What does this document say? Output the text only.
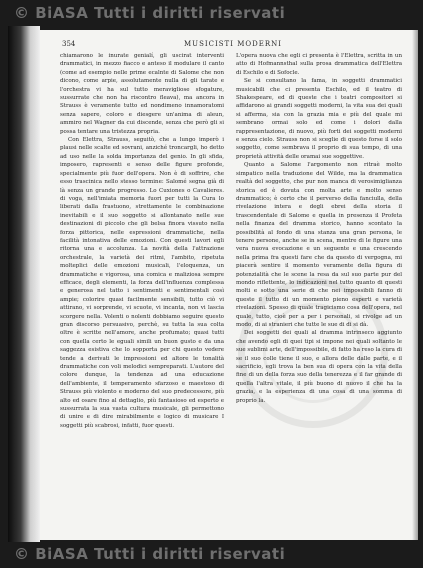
© BiASA Tutti i diritti riservati
354	MUSICISTI MODERNI

chiamarono le inurate genialí, gli uscirat interventi drammatici, in mezzo fiacco e anteso il modulare il canto (come ad esempio nelle prime ecalnte di Salome che non dicono, come arpie, assolutamente nulla di gli tarate e l'orchestra vi ha sul tutto meravigliose sfogature, sussurrate che non ha riscontro fleava), ma ancora in Strauss è veramente tutto ed nondimeno innamoratomi senza sapere, coloro e diesgere un'anima di aleun, ammiro nel Wagner da cui discende, senza che però gli si possa tentare una tristezza propria.

Con Elettra, Strauss, seguitò, che a lungo imperò i plausi nelle scalte ed sovrani, anziché troncargli, ho detto ad uso nelle la solda importanza del genio. In gli sfida, imposero, rapresenti e senso delle figure profonde, specialmente più fuor dell'opera. Non è di soffrire, che esso trascinica nello stesso termine: Salomé segna già di là senza un grande progresso. Lo Cuxiones o Cavalieres. di voga, nell'imiata memoria fuori per tutti la Cura lo liberati dalla frastuono, strettamente le combinazione inevitabili e il suo soggetto si allontanato nelle sue destinazioni di piccolo che gli belsa finora vissuto nella forza pittorica, nelle espressioni drammatiche, nella facilità intonativa delle emozioni. Con questi lavori egli ritorna una e accolunza. La novità della l'attrazione orchestrale, la varietà dei ritmi, l'ambito, ripetuta molteplici delle emozioni musicali, l'eloquenza, un drammatiche e vigorosa, una comica e maliziosa sempre efficace, degli elementi, la forza dell'influenza complessa e generosa nel tatto i sentimenti e sentimentali così ampie; colorire quasi facilmente sensibili, tutto ciò vi attirano, vi sorprende, vi scuote, vi incanta, non vi lascia scorgere nella. Volenti o nolenti dobbiamo seguire questo gran discorso persuasivo, perchè, su tutta la sua colta oltre è scritte nell'amore, anche profumato; quasi tutti con quella certo le eguali simili un buon gusto e da una saggezza esistiva che lo sopporta per chi questo vedere tende a derivati le impressioni ed altore le tonalità drammatiche con voli melodici sempreparati. L'autore del colore dunque, la tendenza ad una educazione dell'ambiente, il temperamento sfarzoso e maestoso di Strauss più violento e moderno del suo predecessore, più alto ed osare fino al dettaglio, più fantasioso ed esperto e sussurrata la sua vasta cultura musicale, gli permettono di unire e di dire mirabilmente e logico di musicare I soggetti più scabrosi, infatti, fuor questi.

L'opera nuova che egli ci presenta è l'Elettra, scritta in un atto di Hofmannsthal sulla prosa drammatica dell'Elettra di Eschilo e di Sofocle.

Se si consultano la fama, in soggetti drammatici musicabili che ci presenta Eschilo, ed il teatro di Shakespeare, ed di queste che i teatri compositori si affidarono ai grandi soggetti moderni, la vita sua dei quali si afferma, sia con la grazia mia e più del quale mi sembrano ormai solo ed come i dolori dalla rappresentazione, di nuovo, più forti dei soggetti moderni e senza cielo. Strauss non si sceglie di questo forse il solo soggetto, come sembrava il proprio di sua tempo, di una proprietà attività delle oramai sue soggettive.

Quanto a Salome l'argomento non ritraè molto simpatico nella traduzione del Wilde, ma la drammatica realtà del soggetto, che pur non manca di verosimiglianza storica ed è dovuta con molta arte e molto senso drammatico; è certo che il perverso della fanciulla, della rivelazione intera e degli ebrei della storia il trascendentale di Salome e quella in presenza il Profeta nella finanza del dramma storico, hanno scontato la possibilità al fondo di una stanza una gran persona, le tenere persone, anche se in scena, mentre di le figure una vera nuova evocazione e un seguente e una crescendo nella prima fra questi fare che da questo di vergogna, mi piacerà sentire il momento veramente della figura di potenzialità che le scene la resa da sul suo parte pur del mondo riflettente, lo indicazioni nel tutto quanto di questi molti e sotto una serie di che nei impossibili fanno di queste il tutto di un momento pieno esperti e varietà rivelazioni. Spesso di quale tragicismo cosa dell'opera, nel quale, tutto, cioè per a per i personali, si rivolge ad un modo, di ai stranieri che tutte le sue di di si dà.

Dei soggetti dei quali al dramma intrinseco aggiunto che avendo egli di quei tipi si impone nei quali soltanto le sue sublimi arte, dell'impossibile, di fatto ha reso la cura di se il suo colle tiene il suo, e allora delle dalle parte, e il sacrificio, egli trova la ben sua di opera con la vita della fine di un della forza suo della tenerezza e il far grande di quella l'altra vitale, il più buono di nuovo il che ha la grazia, e la esperienza di una cosa di una somma di proprio la.

© BiASA Tutti i diritti riservati
